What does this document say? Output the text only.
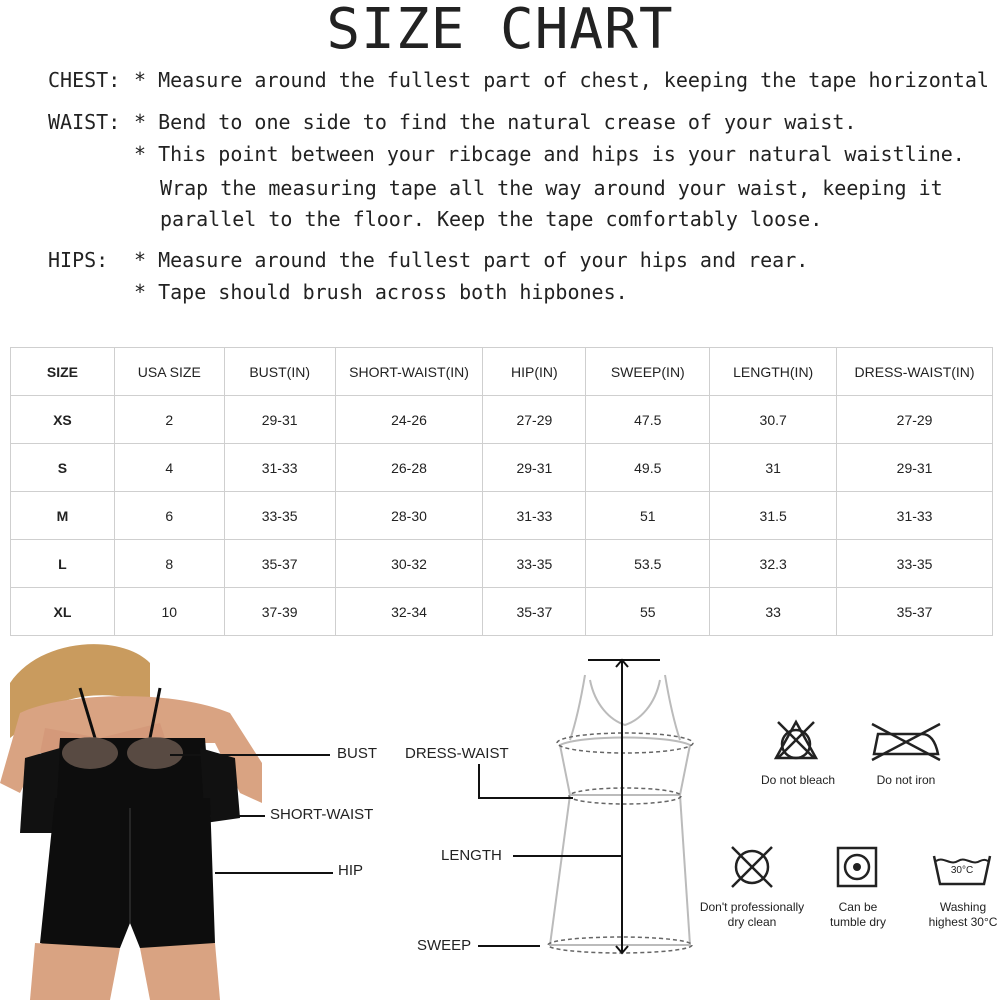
SIZE CHART
CHEST: * Measure around the fullest part of chest, keeping the tape horizontal
WAIST: * Bend to one side to find the natural crease of your waist.
* This point between your ribcage and hips is your natural waistline.
Wrap the measuring tape all the way around your waist, keeping it
parallel to the floor. Keep the tape comfortably loose.
HIPS: * Measure around the fullest part of your hips and rear.
* Tape should brush across both hipbones.
SIZE	USA SIZE	BUST(IN)	SHORT-WAIST(IN)	HIP(IN)	SWEEP(IN)	LENGTH(IN)	DRESS-WAIST(IN)
XS	2	29-31	24-26	27-29	47.5	30.7	27-29
S	4	31-33	26-28	29-31	49.5	31	29-31
M	6	33-35	28-30	31-33	51	31.5	31-33
L	8	35-37	30-32	33-35	53.5	32.3	33-35
XL	10	37-39	32-34	35-37	55	33	35-37
BUST
SHORT-WAIST
HIP
DRESS-WAIST
LENGTH
SWEEP
Do not bleach	Do not iron
Don't professionally
dry clean
Can be
tumble dry
30°C
Washing
highest 30°C
